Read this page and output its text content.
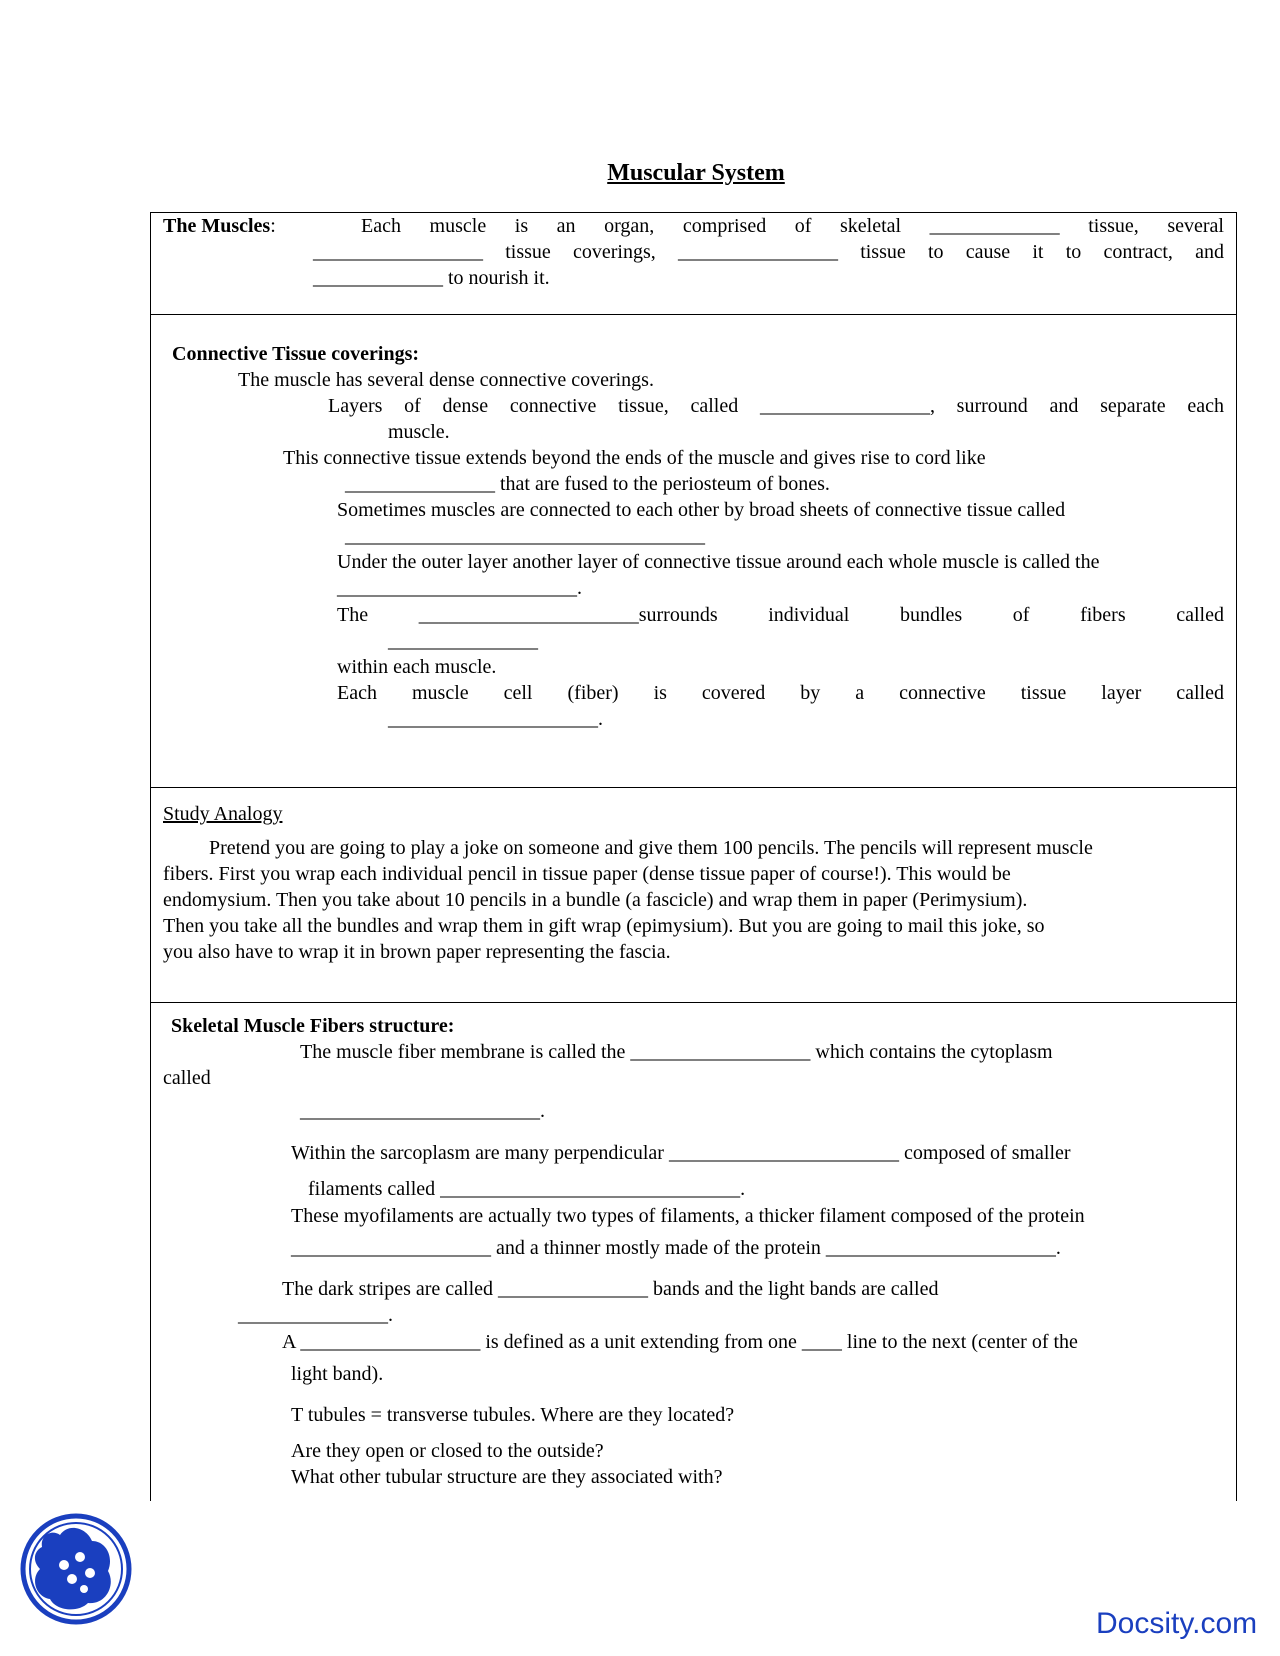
Muscular System
The Muscles:	Each muscle is an organ, comprised of skeletal _____________ tissue, several
_________________ tissue coverings, ________________ tissue to cause it to contract, and
_____________ to nourish it.
Connective Tissue coverings:
The muscle has several dense connective coverings.
Layers of dense connective tissue, called _________________, surround and separate each
muscle.
This connective tissue extends beyond the ends of the muscle and gives rise to cord like
_______________ that are fused to the periosteum of bones.
Sometimes muscles are connected to each other by broad sheets of connective tissue called
____________________________________
Under the outer layer another layer of connective tissue around each whole muscle is called the
________________________.
The ______________________surrounds individual bundles of fibers called
_______________
within each muscle.
Each muscle cell (fiber) is covered by a connective tissue layer called
_____________________.
Study Analogy
Pretend you are going to play a joke on someone and give them 100 pencils. The pencils will represent muscle
fibers. First you wrap each individual pencil in tissue paper (dense tissue paper of course!). This would be
endomysium. Then you take about 10 pencils in a bundle (a fascicle) and wrap them in paper (Perimysium).
Then you take all the bundles and wrap them in gift wrap (epimysium). But you are going to mail this joke, so
you also have to wrap it in brown paper representing the fascia.
Skeletal Muscle Fibers structure:
The muscle fiber membrane is called the __________________ which contains the cytoplasm
called
________________________.
Within the sarcoplasm are many perpendicular _______________________ composed of smaller
filaments called ______________________________.
These myofilaments are actually two types of filaments, a thicker filament composed of the protein
____________________ and a thinner mostly made of the protein _______________________.
The dark stripes are called _______________ bands and the light bands are called
_______________.
A __________________ is defined as a unit extending from one ____ line to the next (center of the
light band).
T tubules = transverse tubules. Where are they located?
Are they open or closed to the outside?
What other tubular structure are they associated with?
Docsity.com
